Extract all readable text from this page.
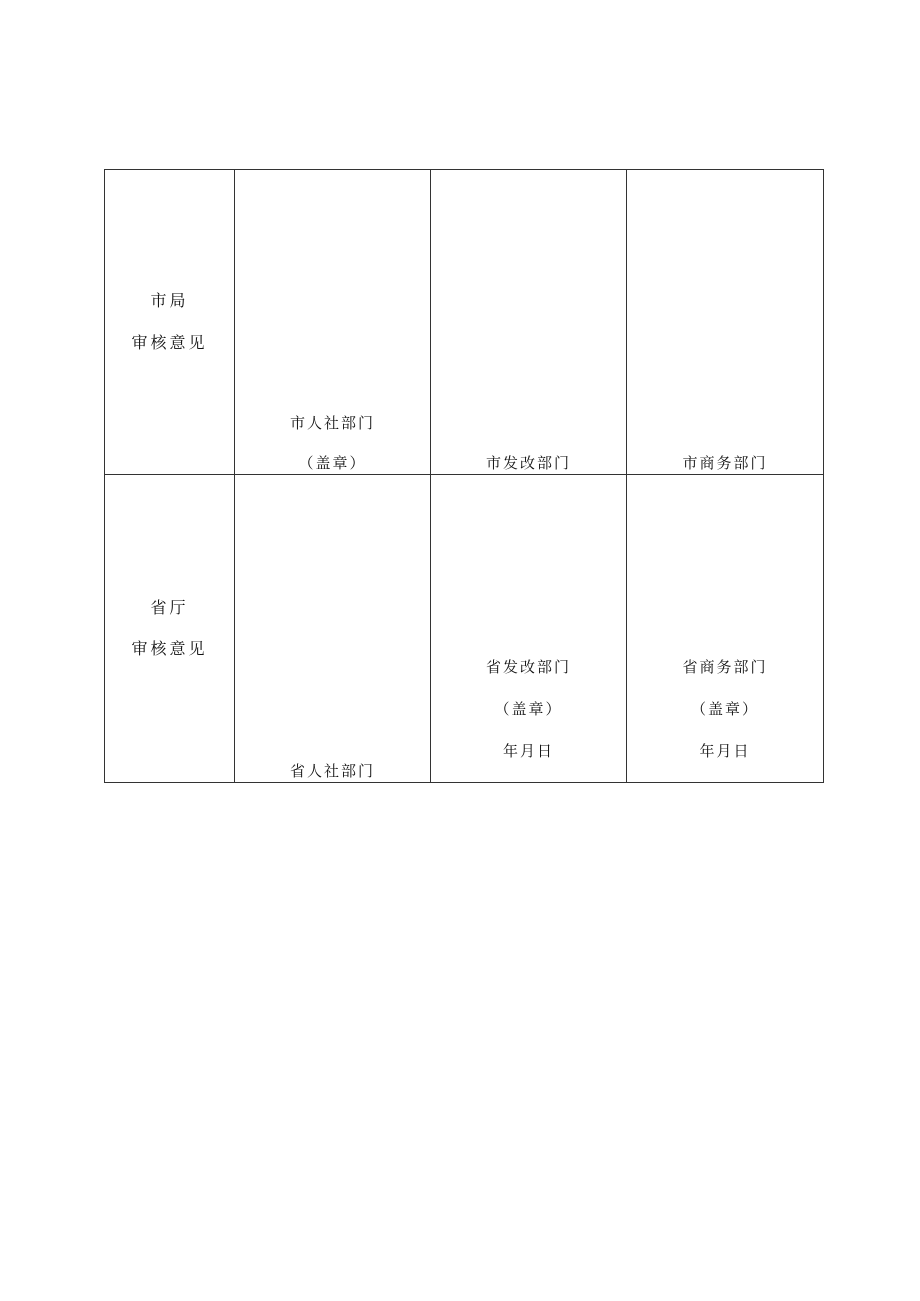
市局
审核意见
市人社部门
（盖章）	市发改部门	市商务部门
省厅
审核意见
省人社部门
省发改部门
（盖章）
年月日
省商务部门
（盖章）
年月日
